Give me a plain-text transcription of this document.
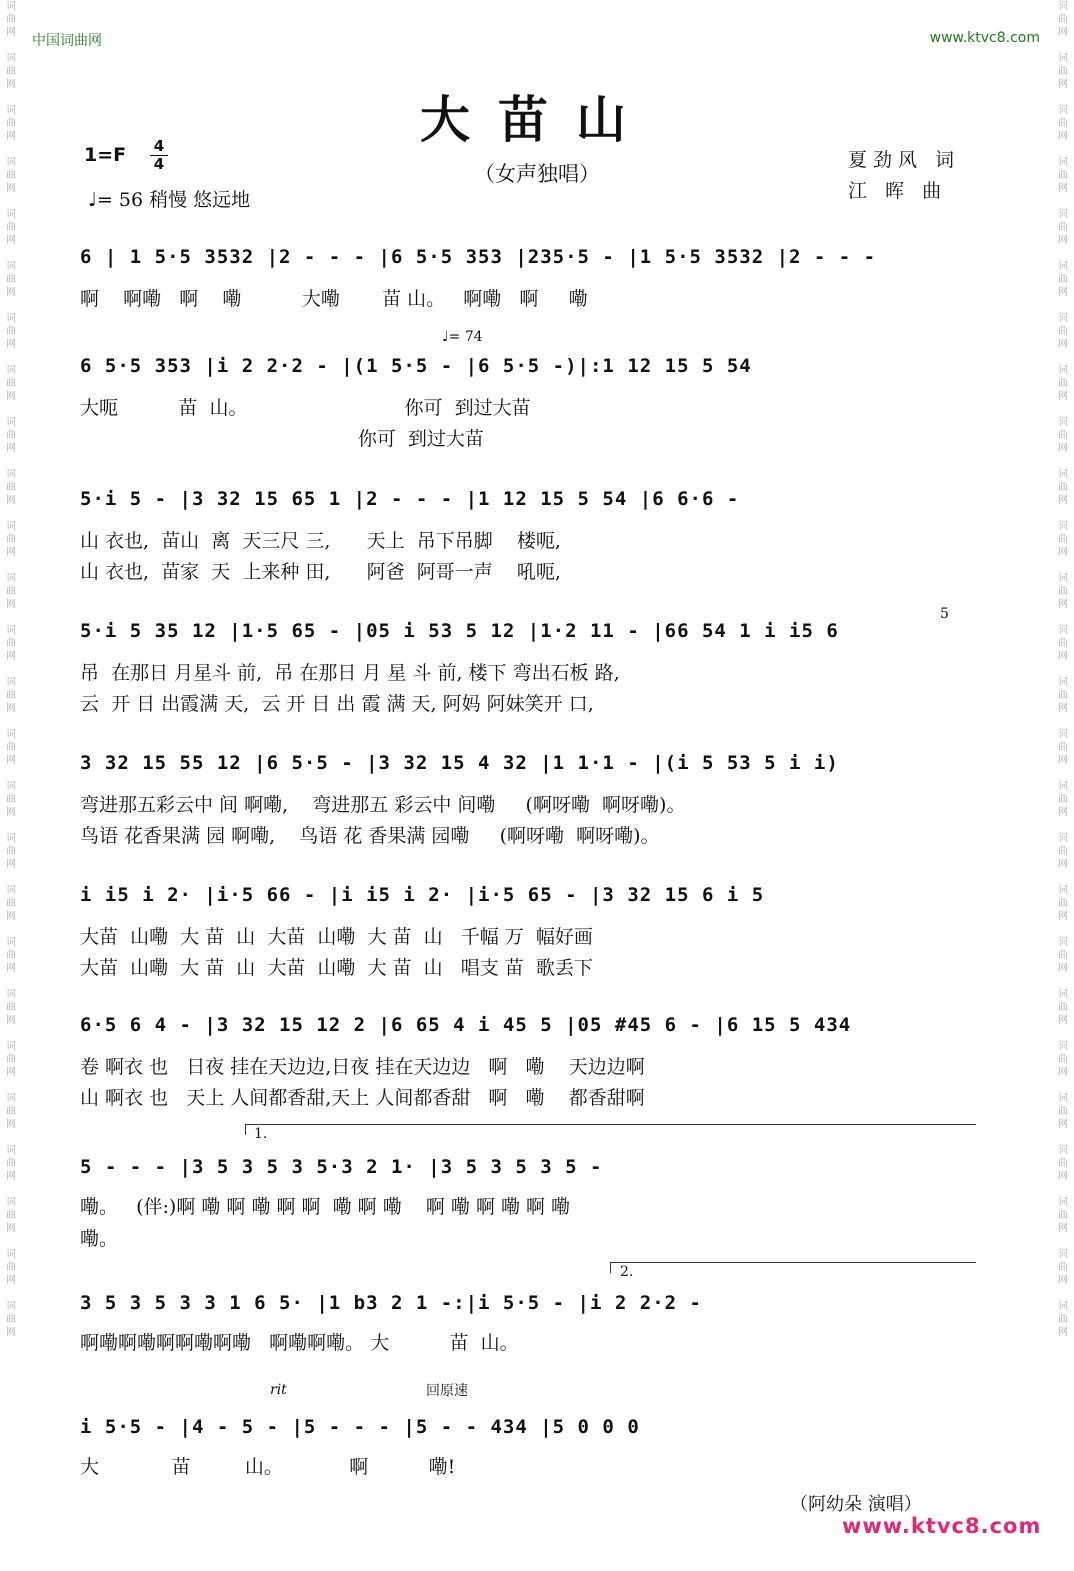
词
曲
网

词
曲
网

词
曲
网

词
曲
网

词
曲
网

词
曲
网

词
曲
网

词
曲
网

词
曲
网

词
曲
网

词
曲
网

词
曲
网

词
曲
网

词
曲
网

词
曲
网

词
曲
网

词
曲
网

词
曲
网

词
曲
网

词
曲
网

词
曲
网

词
曲
网

词
曲
网

词
曲
网

词
曲
网

词
曲
网

词
曲
网

词
曲
网

词
曲
网

词
曲
网

词
曲
网

词
曲
网

词
曲
网

词
曲
网

词
曲
网

词
曲
网

词
曲
网

词
曲
网

词
曲
网

词
曲
网

词
曲
网

词
曲
网

词
曲
网

词
曲
网

词
曲
网

词
曲
网

词
曲
网

词
曲
网

词
曲
网

词
曲
网

词
曲
网

词
曲
网

中国词曲网	www.ktvc8.com
大苗山
（女声独唱）
1=F 4
4
♩= 56 稍慢 悠远地
夏劲风 词
江 晖 曲
6 | 1 5·5 3532 |2 - - - |6 5·5 353 |235·5 - |1 5·5 3532 |2 - - -
啊    啊嘞   啊    嘞          大嘞       苗 山。   啊嘞   啊     嘞
♩= 74
6 5·5 353 |i 2 2·2 - |(1 5·5 - |6 5·5 -)|:1 12 15 5 54
大呃          苗  山。                          你可  到过大苗
你可  到过大苗
5·i 5 - |3 32 15 65 1 |2 - - - |1 12 15 5 54 |6 6·6 -
山 衣也,  苗山  离  天三尺 三,      天上  吊下吊脚    楼呃,
山 衣也,  苗家  天  上来种 田,      阿爸  阿哥一声    吼呃,
5
5·i 5 35 12 |1·5 65 - |05 i 53 5 12 |1·2 11 - |66 54 1 i i5 6
吊  在那日 月星斗 前,  吊 在那日 月 星 斗 前, 楼下 弯出石板 路,
云  开 日 出霞满 天,  云 开 日 出 霞 满 天, 阿妈 阿妹笑开 口,
3 32 15 55 12 |6 5·5 - |3 32 15 4 32 |1 1·1 - |(i 5 53 5 i i)
弯进那五彩云中 间 啊嘞,    弯进那五 彩云中 间嘞     (啊呀嘞  啊呀嘞)。
鸟语 花香果满 园 啊嘞,    鸟语 花 香果满 园嘞     (啊呀嘞  啊呀嘞)。
i i5 i 2· |i·5 66 - |i i5 i 2· |i·5 65 - |3 32 15 6 i 5
大苗  山嘞  大 苗  山  大苗  山嘞  大 苗  山   千幅 万  幅好画
大苗  山嘞  大 苗  山  大苗  山嘞  大 苗  山   唱支 苗  歌丢下
6·5 6 4 - |3 32 15 12 2 |6 65 4 i 45 5 |05 #45 6 - |6 15 5 434
卷 啊衣 也   日夜 挂在天边边,日夜 挂在天边边   啊   嘞    天边边啊
山 啊衣 也   天上 人间都香甜,天上 人间都香甜   啊   嘞    都香甜啊
1.
5 - - - |3 5 3 5 3 5·3 2 1· |3 5 3 5 3 5 -
嘞。   (伴:)啊 嘞 啊 嘞 啊 啊  嘞 啊 嘞    啊 嘞 啊 嘞 啊 嘞
嘞。
2.
3 5 3 5 3 3 1 6 5· |1 b3 2 1 -:|i 5·5 - |i 2 2·2 -
啊嘞啊嘞啊啊嘞啊嘞   啊嘞啊嘞。 大          苗  山。
rit	回原速
i 5·5 - |4 - 5 - |5 - - - |5 - - 434 |5 0 0 0
大            苗         山。           啊          嘞!
（阿幼朵 演唱）
www.ktvc8.com
